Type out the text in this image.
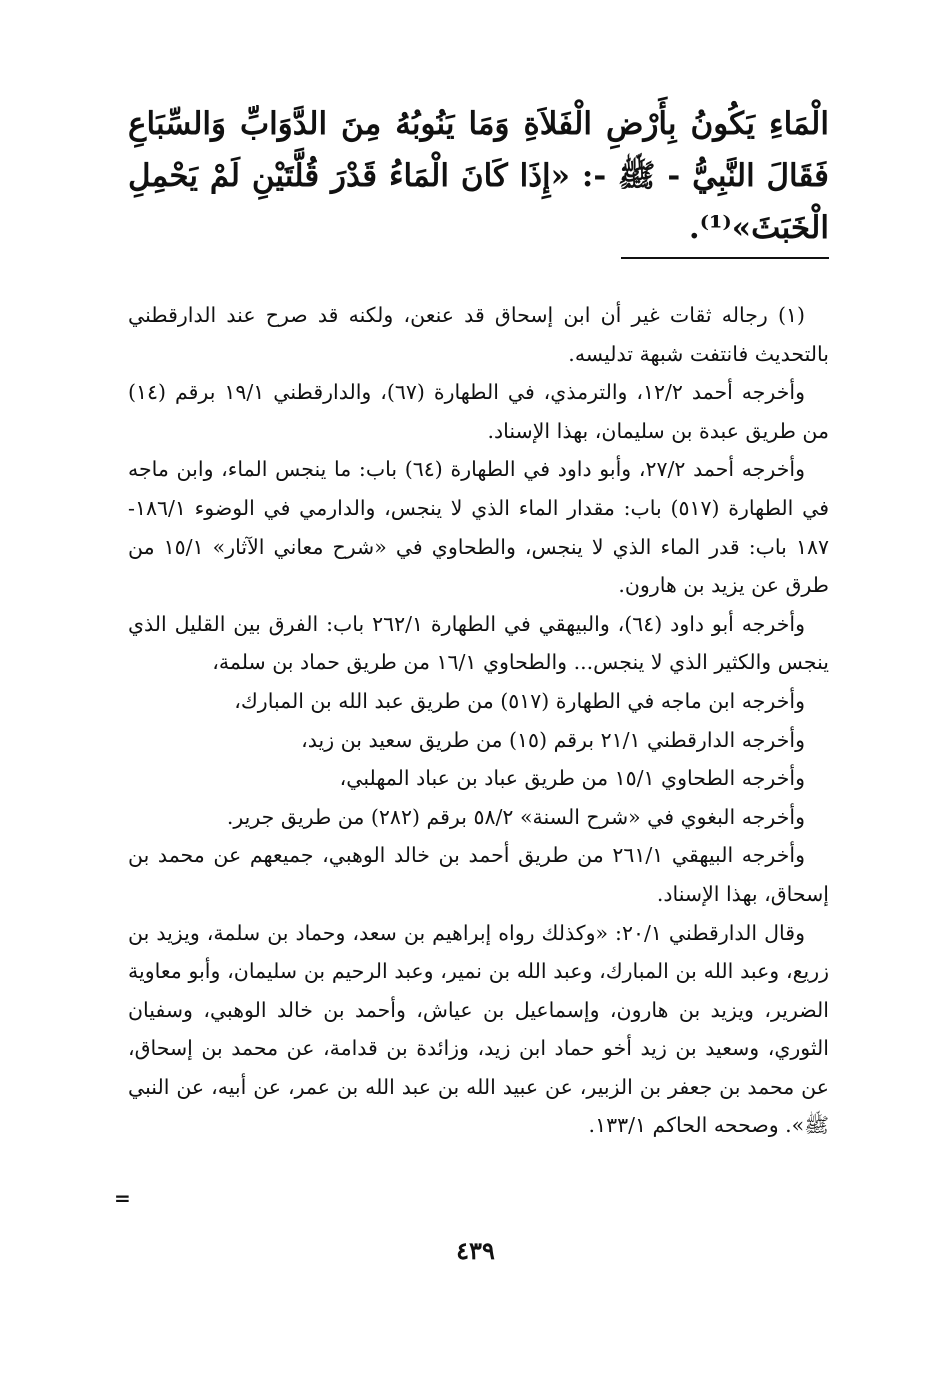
الْمَاءِ يَكُونُ بِأَرْضِ الْفَلاَةِ وَمَا يَنُوبُهُ مِنَ الدَّوَابِّ وَالسِّبَاعِ فَقَالَ النَّبِيُّ - ﷺ -: «إِذَا كَانَ الْمَاءُ قَدْرَ قُلَّتَيْنِ لَمْ يَحْمِلِ الْخَبَثَ»⁽¹⁾.

(١) رجاله ثقات غير أن ابن إسحاق قد عنعن، ولكنه قد صرح عند الدارقطني بالتحديث فانتفت شبهة تدليسه.

وأخرجه أحمد ١٢/٢، والترمذي، في الطهارة (٦٧)، والدارقطني ١٩/١ برقم (١٤) من طريق عبدة بن سليمان، بهذا الإسناد.

وأخرجه أحمد ٢٧/٢، وأبو داود في الطهارة (٦٤) باب: ما ينجس الماء، وابن ماجه في الطهارة (٥١٧) باب: مقدار الماء الذي لا ينجس، والدارمي في الوضوء ١٨٦/١- ١٨٧ باب: قدر الماء الذي لا ينجس، والطحاوي في «شرح معاني الآثار» ١٥/١ من طرق عن يزيد بن هارون.

وأخرجه أبو داود (٦٤)، والبيهقي في الطهارة ٢٦٢/١ باب: الفرق بين القليل الذي ينجس والكثير الذي لا ينجس... والطحاوي ١٦/١ من طريق حماد بن سلمة،

وأخرجه ابن ماجه في الطهارة (٥١٧) من طريق عبد الله بن المبارك،

وأخرجه الدارقطني ٢١/١ برقم (١٥) من طريق سعيد بن زيد،

وأخرجه الطحاوي ١٥/١ من طريق عباد بن عباد المهلبي،

وأخرجه البغوي في «شرح السنة» ٥٨/٢ برقم (٢٨٢) من طريق جرير.

وأخرجه البيهقي ٢٦١/١ من طريق أحمد بن خالد الوهبي، جميعهم عن محمد بن إسحاق، بهذا الإسناد.

وقال الدارقطني ٢٠/١: «وكذلك رواه إبراهيم بن سعد، وحماد بن سلمة، ويزيد بن زريع، وعبد الله بن المبارك، وعبد الله بن نمير، وعبد الرحيم بن سليمان، وأبو معاوية الضرير، ويزيد بن هارون، وإسماعيل بن عياش، وأحمد بن خالد الوهبي، وسفيان الثوري، وسعيد بن زيد أخو حماد ابن زيد، وزائدة بن قدامة، عن محمد بن إسحاق، عن محمد بن جعفر بن الزبير، عن عبيد الله بن عبد الله بن عمر، عن أبيه، عن النبي ﷺ». وصححه الحاكم ١٣٣/١.

=
٤٣٩
